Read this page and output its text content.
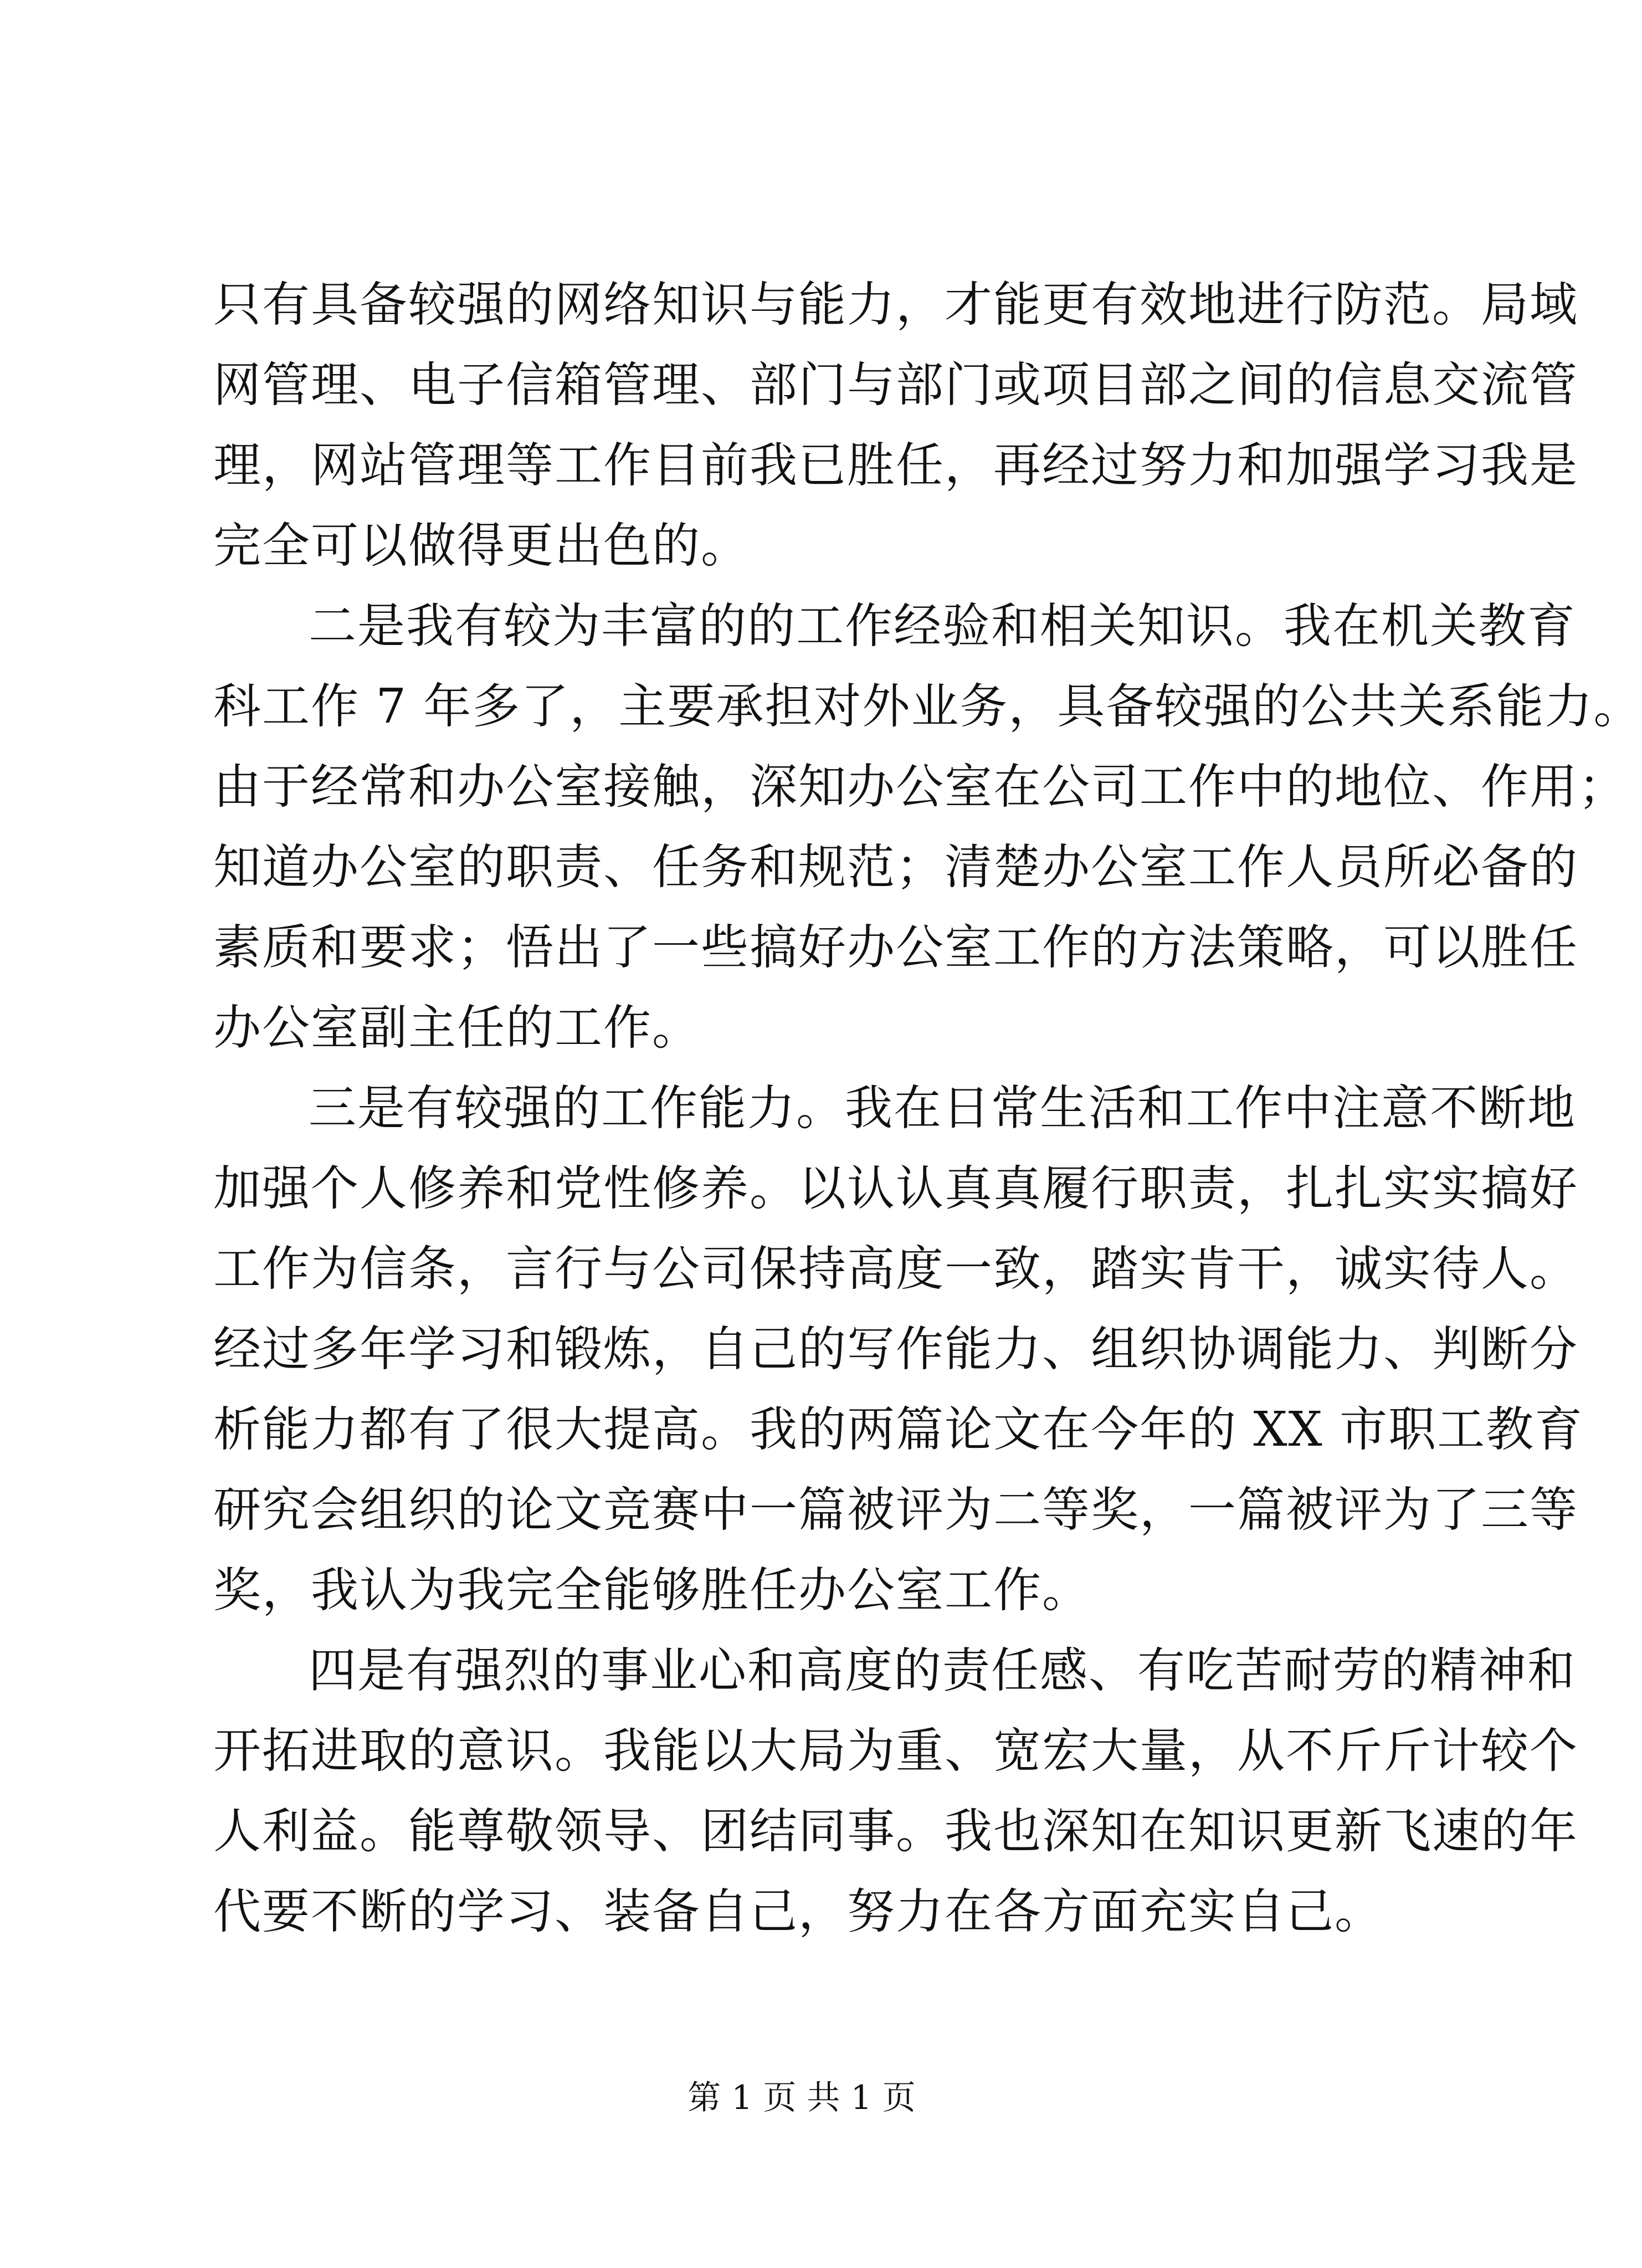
只有具备较强的网络知识与能力，才能更有效地进行防范。局域
网管理、电子信箱管理、部门与部门或项目部之间的信息交流管
理，网站管理等工作目前我已胜任，再经过努力和加强学习我是
完全可以做得更出色的。
二是我有较为丰富的的工作经验和相关知识。我在机关教育
科工作 7 年多了，主要承担对外业务，具备较强的公共关系能力。
由于经常和办公室接触，深知办公室在公司工作中的地位、作用；
知道办公室的职责、任务和规范；清楚办公室工作人员所必备的
素质和要求；悟出了一些搞好办公室工作的方法策略，可以胜任
办公室副主任的工作。
三是有较强的工作能力。我在日常生活和工作中注意不断地
加强个人修养和党性修养。以认认真真履行职责，扎扎实实搞好
工作为信条，言行与公司保持高度一致，踏实肯干，诚实待人。
经过多年学习和锻炼，自己的写作能力、组织协调能力、判断分
析能力都有了很大提高。我的两篇论文在今年的 XX 市职工教育
研究会组织的论文竞赛中一篇被评为二等奖，一篇被评为了三等
奖，我认为我完全能够胜任办公室工作。
四是有强烈的事业心和高度的责任感、有吃苦耐劳的精神和
开拓进取的意识。我能以大局为重、宽宏大量，从不斤斤计较个
人利益。能尊敬领导、团结同事。我也深知在知识更新飞速的年
代要不断的学习、装备自己，努力在各方面充实自己。
第 1 页 共 1 页
